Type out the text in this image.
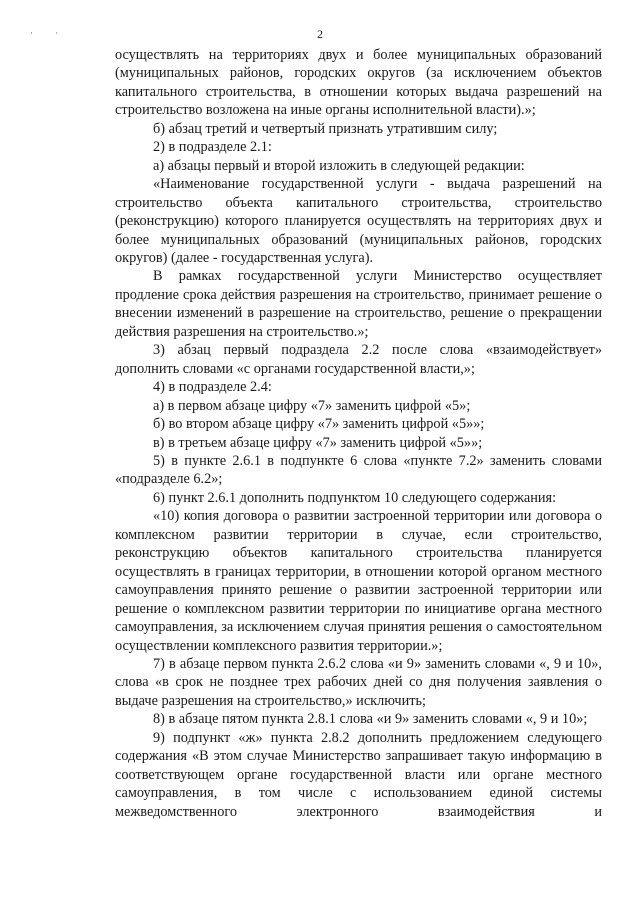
· ·	2

осуществлять на территориях двух и более муниципальных образований (муниципальных районов, городских округов (за исключением объектов капитального строительства, в отношении которых выдача разрешений на строительство возложена на иные органы исполнительной власти).»;

б) абзац третий и четвертый признать утратившим силу;

2) в подразделе 2.1:

а) абзацы первый и второй изложить в следующей редакции:

«Наименование государственной услуги - выдача разрешений на строительство объекта капитального строительства, строительство (реконструкцию) которого планируется осуществлять на территориях двух и более муниципальных образований (муниципальных районов, городских округов) (далее - государственная услуга).

В рамках государственной услуги Министерство осуществляет продление срока действия разрешения на строительство, принимает решение о внесении изменений в разрешение на строительство, решение о прекращении действия разрешения на строительство.»;

3) абзац первый подраздела 2.2 после слова «взаимодействует» дополнить словами «с органами государственной власти,»;

4) в подразделе 2.4:

а) в первом абзаце цифру «7» заменить цифрой «5»;

б) во втором абзаце цифру «7» заменить цифрой «5»»;

в) в третьем абзаце цифру «7» заменить цифрой «5»»;

5) в пункте 2.6.1 в подпункте 6 слова «пункте 7.2» заменить словами «подразделе 6.2»;

6) пункт 2.6.1 дополнить подпунктом 10 следующего содержания:

«10) копия договора о развитии застроенной территории или договора о комплексном развитии территории в случае, если строительство, реконструкцию объектов капитального строительства планируется осуществлять в границах территории, в отношении которой органом местного самоуправления принято решение о развитии застроенной территории или решение о комплексном развитии территории по инициативе органа местного самоуправления, за исключением случая принятия решения о самостоятельном осуществлении комплексного развития территории.»;

7) в абзаце первом пункта 2.6.2 слова «и 9» заменить словами «, 9 и 10», слова «в срок не позднее трех рабочих дней со дня получения заявления о выдаче разрешения на строительство,» исключить;

8) в абзаце пятом пункта 2.8.1 слова «и 9» заменить словами «, 9 и 10»;

9) подпункт «ж» пункта 2.8.2 дополнить предложением следующего содержания «В этом случае Министерство запрашивает такую информацию в соответствующем органе государственной власти или органе местного самоуправления, в том числе с использованием единой системы межведомственного электронного взаимодействия и
